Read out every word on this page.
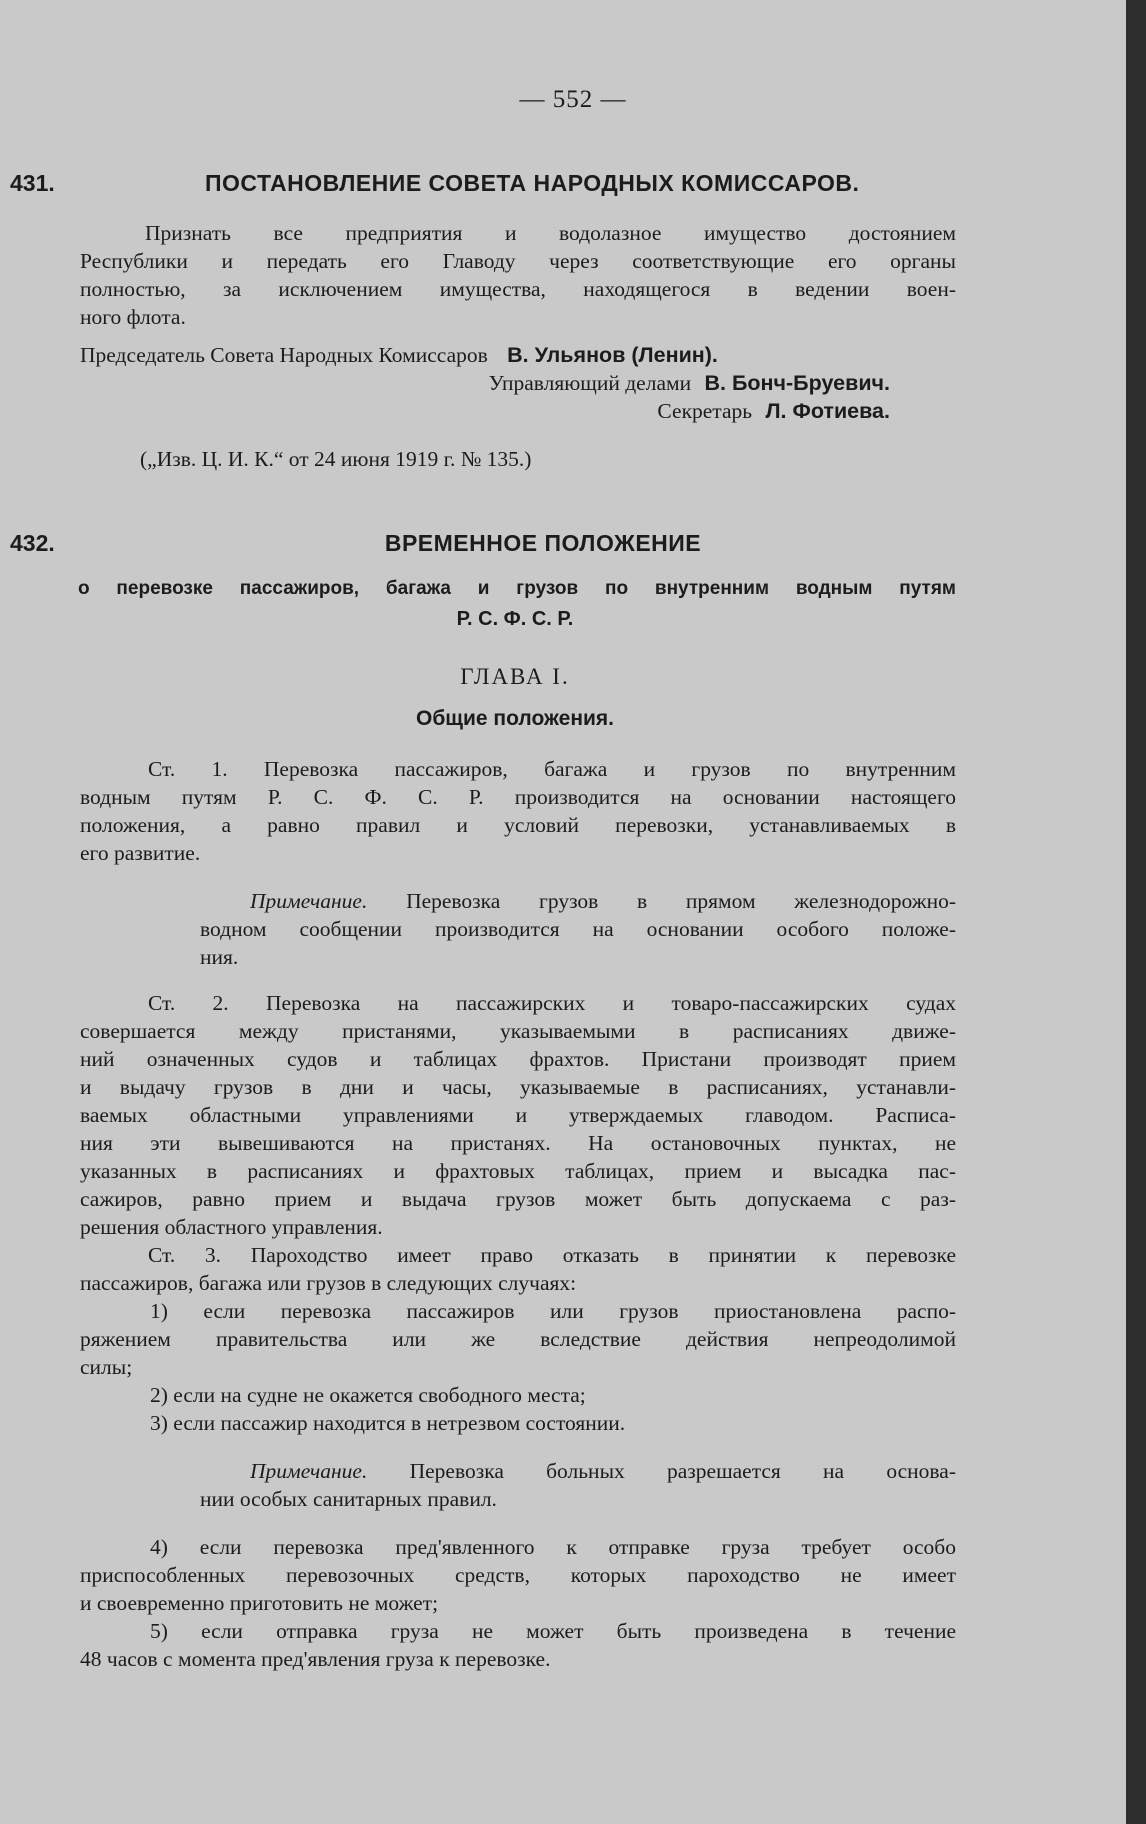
— 552 —
431.	ПОСТАНОВЛЕНИЕ СОВЕТА НАРОДНЫХ КОМИССАРОВ.
Признать все предприятия и водолазное имущество достоянием
Республики и передать его Главоду через соответствующие его органы
полностью, за исключением имущества, находящегося в ведении воен-
ного флота.
Председатель Совета Народных Комиссаров В. Ульянов (Ленин).
Управляющий делами В. Бонч-Бруевич.
Секретарь Л. Фотиева.
(„Изв. Ц. И. К.“ от 24 июня 1919 г. № 135.)
432.	ВРЕМЕННОЕ ПОЛОЖЕНИЕ
о перевозке пассажиров, багажа и грузов по внутренним водным путям
Р. С. Ф. С. Р.
ГЛАВА I.
Общие положения.
Ст. 1. Перевозка пассажиров, багажа и грузов по внутренним
водным путям Р. С. Ф. С. Р. производится на основании настоящего
положения, а равно правил и условий перевозки, устанавливаемых в
его развитие.
Примечание. Перевозка грузов в прямом железнодорожно-
водном сообщении производится на основании особого положе-
ния.
Ст. 2. Перевозка на пассажирских и товаро-пассажирских судах
совершается между пристанями, указываемыми в расписаниях движе-
ний означенных судов и таблицах фрахтов. Пристани производят прием
и выдачу грузов в дни и часы, указываемые в расписаниях, устанавли-
ваемых областными управлениями и утверждаемых главодом. Расписа-
ния эти вывешиваются на пристанях. На остановочных пунктах, не
указанных в расписаниях и фрахтовых таблицах, прием и высадка пас-
сажиров, равно прием и выдача грузов может быть допускаема с раз-
решения областного управления.
Ст. 3. Пароходство имеет право отказать в принятии к перевозке
пассажиров, багажа или грузов в следующих случаях:
1) если перевозка пассажиров или грузов приостановлена распо-
ряжением правительства или же вследствие действия непреодолимой
силы;
2) если на судне не окажется свободного места;
3) если пассажир находится в нетрезвом состоянии.
Примечание. Перевозка больных разрешается на основа-
нии особых санитарных правил.
4) если перевозка пред'явленного к отправке груза требует особо
приспособленных перевозочных средств, которых пароходство не имеет
и своевременно приготовить не может;
5) если отправка груза не может быть произведена в течение
48 часов с момента пред'явления груза к перевозке.
